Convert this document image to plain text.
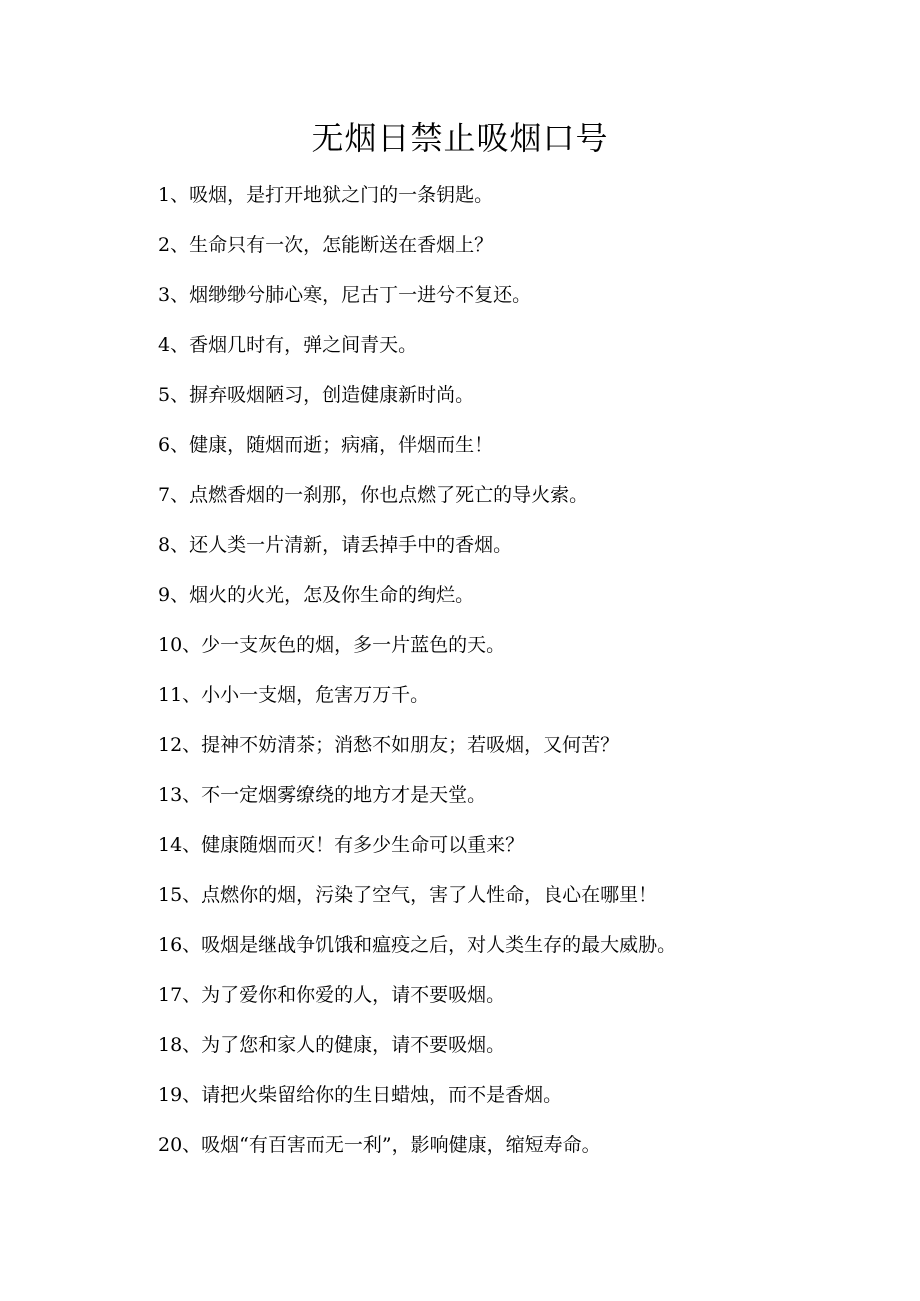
无烟日禁止吸烟口号
1、吸烟，是打开地狱之门的一条钥匙。
2、生命只有一次，怎能断送在香烟上？
3、烟缈缈兮肺心寒，尼古丁一进兮不复还。
4、香烟几时有，弹之间青天。
5、摒弃吸烟陋习，创造健康新时尚。
6、健康，随烟而逝；病痛，伴烟而生！
7、点燃香烟的一刹那，你也点燃了死亡的导火索。
8、还人类一片清新，请丢掉手中的香烟。
9、烟火的火光，怎及你生命的绚烂。
10、少一支灰色的烟，多一片蓝色的天。
11、小小一支烟，危害万万千。
12、提神不妨清茶；消愁不如朋友；若吸烟，又何苦？
13、不一定烟雾缭绕的地方才是天堂。
14、健康随烟而灭！有多少生命可以重来？
15、点燃你的烟，污染了空气，害了人性命，良心在哪里！
16、吸烟是继战争饥饿和瘟疫之后，对人类生存的最大威胁。
17、为了爱你和你爱的人，请不要吸烟。
18、为了您和家人的健康，请不要吸烟。
19、请把火柴留给你的生日蜡烛，而不是香烟。
20、吸烟“有百害而无一利”，影响健康，缩短寿命。
